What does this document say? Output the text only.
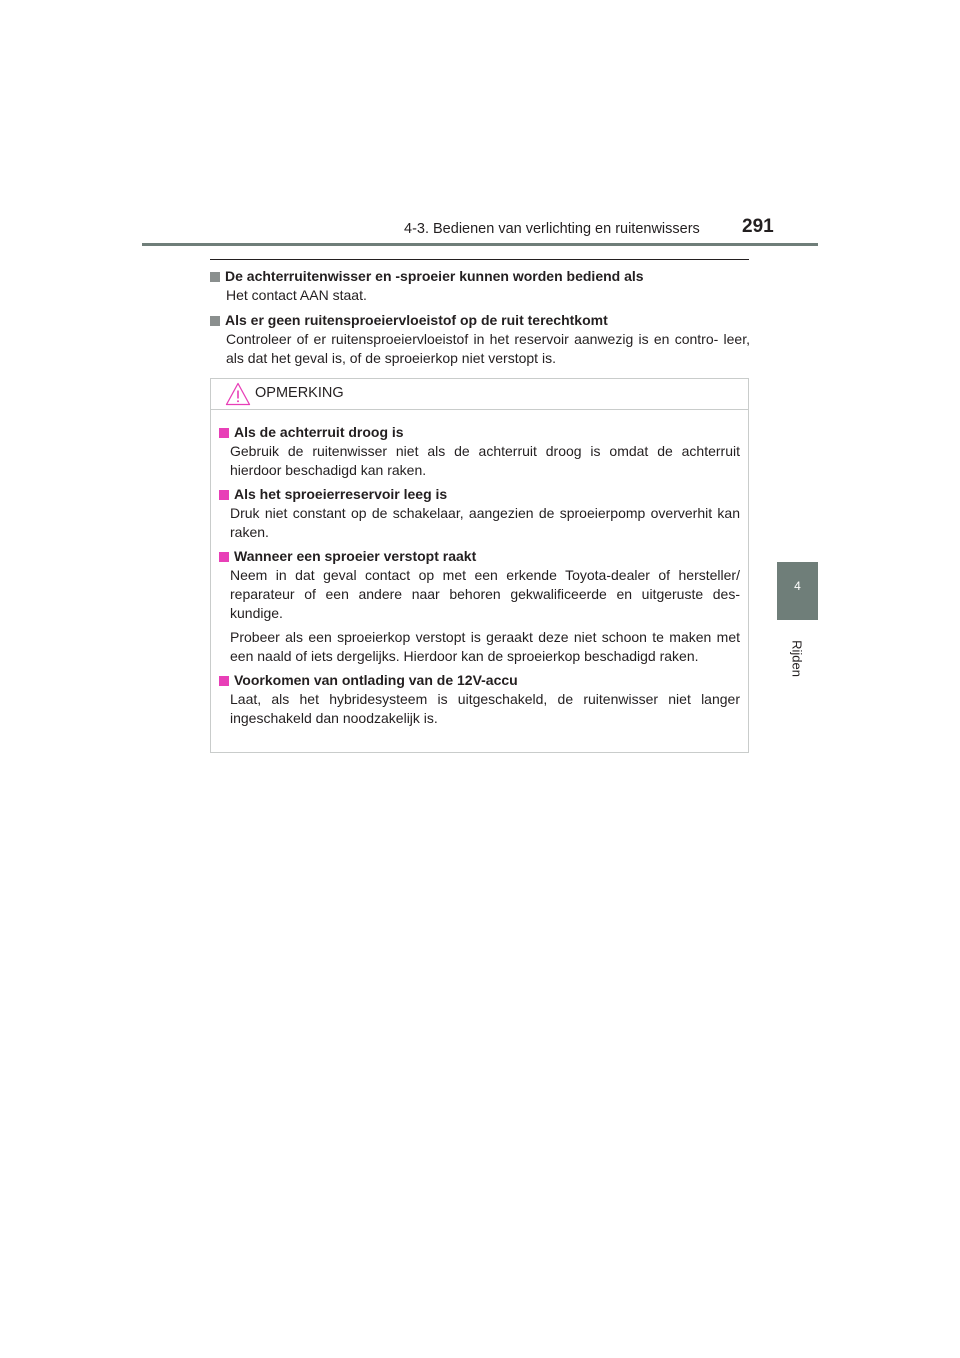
4-3. Bedienen van verlichting en ruitenwissers 291
4
Rijden
De achterruitenwisser en -sproeier kunnen worden bediend als
Het contact AAN staat.
Als er geen ruitensproeiervloeistof op de ruit terechtkomt
Controleer of er ruitensproeiervloeistof in het reservoir aanwezig is en contro- leer, als dat het geval is, of de sproeierkop niet verstopt is.
OPMERKING
Als de achterruit droog is
Gebruik de ruitenwisser niet als de achterruit droog is omdat de achterruit hierdoor beschadigd kan raken.
Als het sproeierreservoir leeg is
Druk niet constant op de schakelaar, aangezien de sproeierpomp oververhit kan raken.
Wanneer een sproeier verstopt raakt
Neem in dat geval contact op met een erkende Toyota-dealer of hersteller/ reparateur of een andere naar behoren gekwalificeerde en uitgeruste des- kundige.
Probeer als een sproeierkop verstopt is geraakt deze niet schoon te maken met een naald of iets dergelijks. Hierdoor kan de sproeierkop beschadigd raken.
Voorkomen van ontlading van de 12V-accu
Laat, als het hybridesysteem is uitgeschakeld, de ruitenwisser niet langer ingeschakeld dan noodzakelijk is.
